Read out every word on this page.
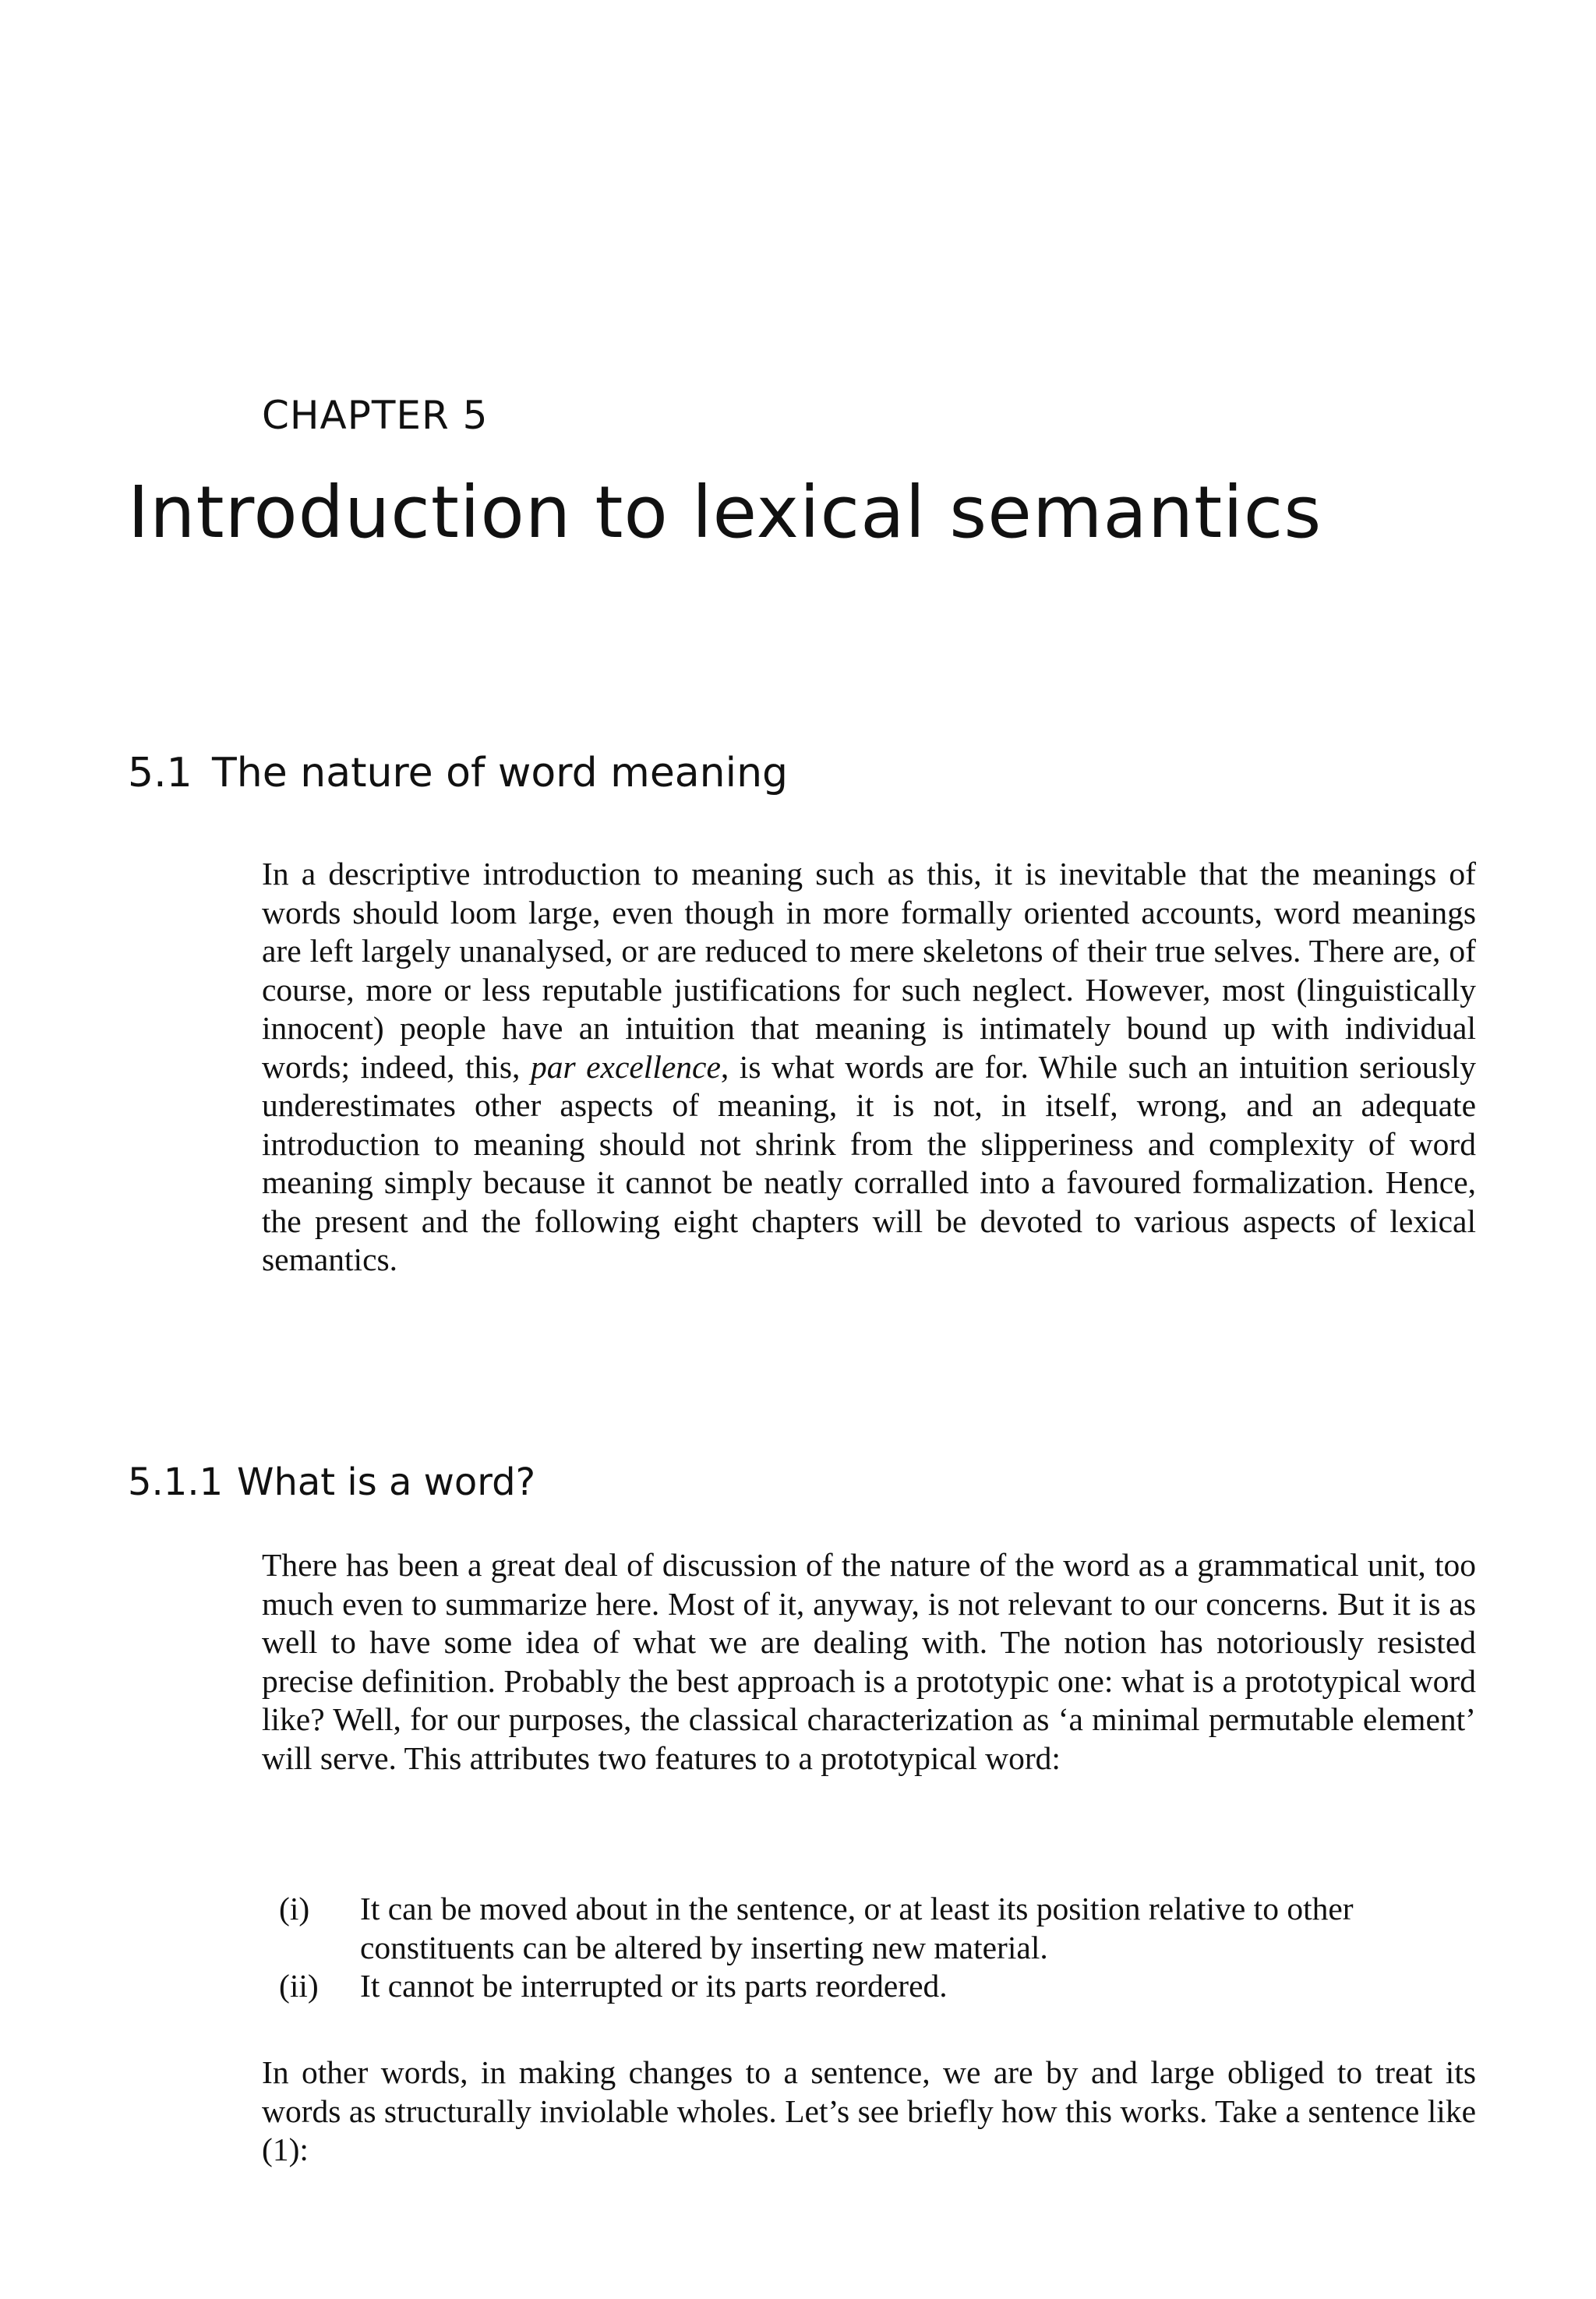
CHAPTER 5
Introduction to lexical semantics
5.1 The nature of word meaning

In a descriptive introduction to meaning such as this, it is inevitable that the meanings of words should loom large, even though in more formally oriented accounts, word meanings are left largely unanalysed, or are reduced to mere skeletons of their true selves. There are, of course, more or less reputable justifications for such neglect. However, most (linguistically innocent) people have an intuition that meaning is intimately bound up with individual words; indeed, this, par excellence, is what words are for. While such an intuition seriously underestimates other aspects of meaning, it is not, in itself, wrong, and an adequate introduction to meaning should not shrink from the slipperiness and complexity of word meaning simply because it cannot be neatly corralled into a favoured formalization. Hence, the present and the following eight chapters will be devoted to various aspects of lexical semantics.

5.1.1 What is a word?

There has been a great deal of discussion of the nature of the word as a grammatical unit, too much even to summarize here. Most of it, anyway, is not relevant to our concerns. But it is as well to have some idea of what we are dealing with. The notion has notoriously resisted precise definition. Probably the best approach is a prototypic one: what is a prototypical word like? Well, for our purposes, the classical characterization as ‘a minimal permutable element’ will serve. This attributes two features to a prototypical word:

(i) It can be moved about in the sentence, or at least its position relative to other constituents can be altered by inserting new material.
(ii) It cannot be interrupted or its parts reordered.

In other words, in making changes to a sentence, we are by and large obliged to treat its words as structurally inviolable wholes. Let’s see briefly how this works. Take a sentence like (1):
